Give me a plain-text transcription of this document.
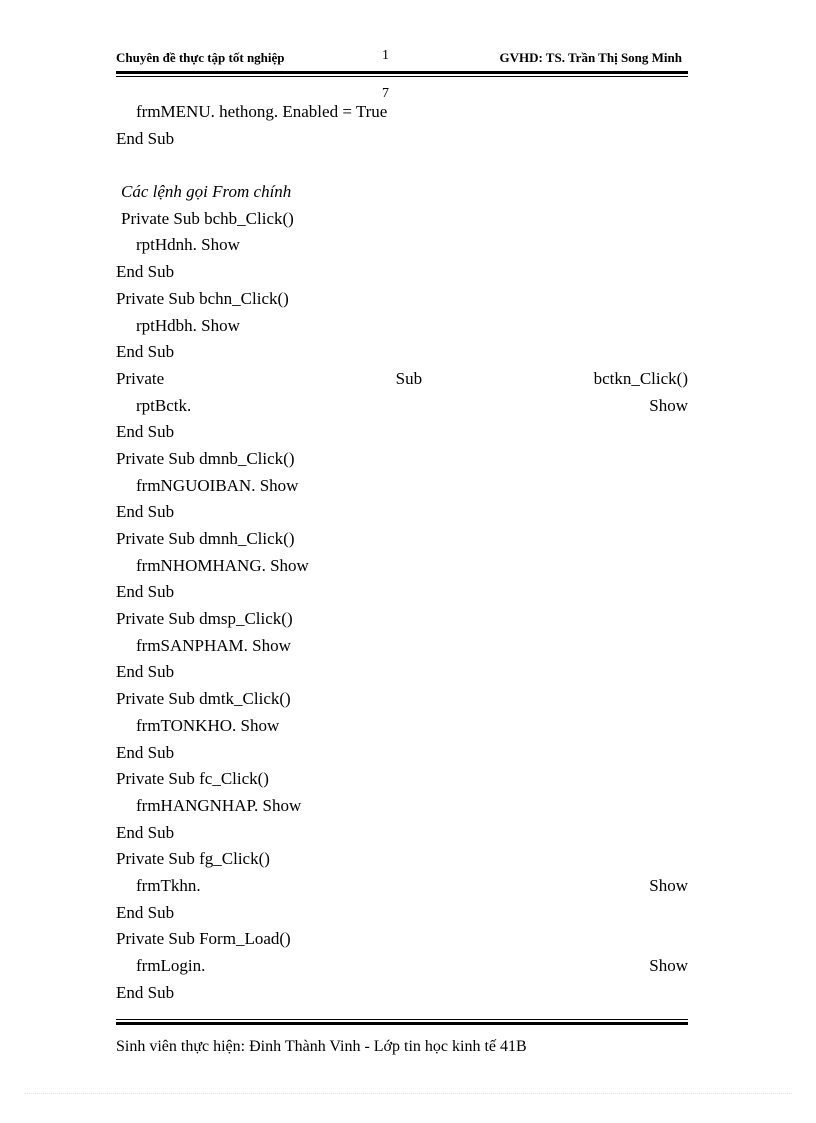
Chuyên đề thực tập tốt nghiệp	1
7
GVHD: TS. Trần Thị Song Minh
frmMENU. hethong. Enabled = True
End Sub
Các lệnh gọi From chính
Private Sub bchb_Click()
rptHdnh. Show
End Sub
Private Sub bchn_Click()
rptHdbh. Show
End Sub
Private	Sub	bctkn_Click()
rptBctk.	Show
End Sub
Private Sub dmnb_Click()
frmNGUOIBAN. Show
End Sub
Private Sub dmnh_Click()
frmNHOMHANG. Show
End Sub
Private Sub dmsp_Click()
frmSANPHAM. Show
End Sub
Private Sub dmtk_Click()
frmTONKHO. Show
End Sub
Private Sub fc_Click()
frmHANGNHAP. Show
End Sub
Private Sub fg_Click()
frmTkhn.	Show
End Sub
Private Sub Form_Load()
frmLogin.	Show
End Sub
Sinh viên thực hiện: Đinh Thành Vinh - Lớp tin học kinh tế 41B
